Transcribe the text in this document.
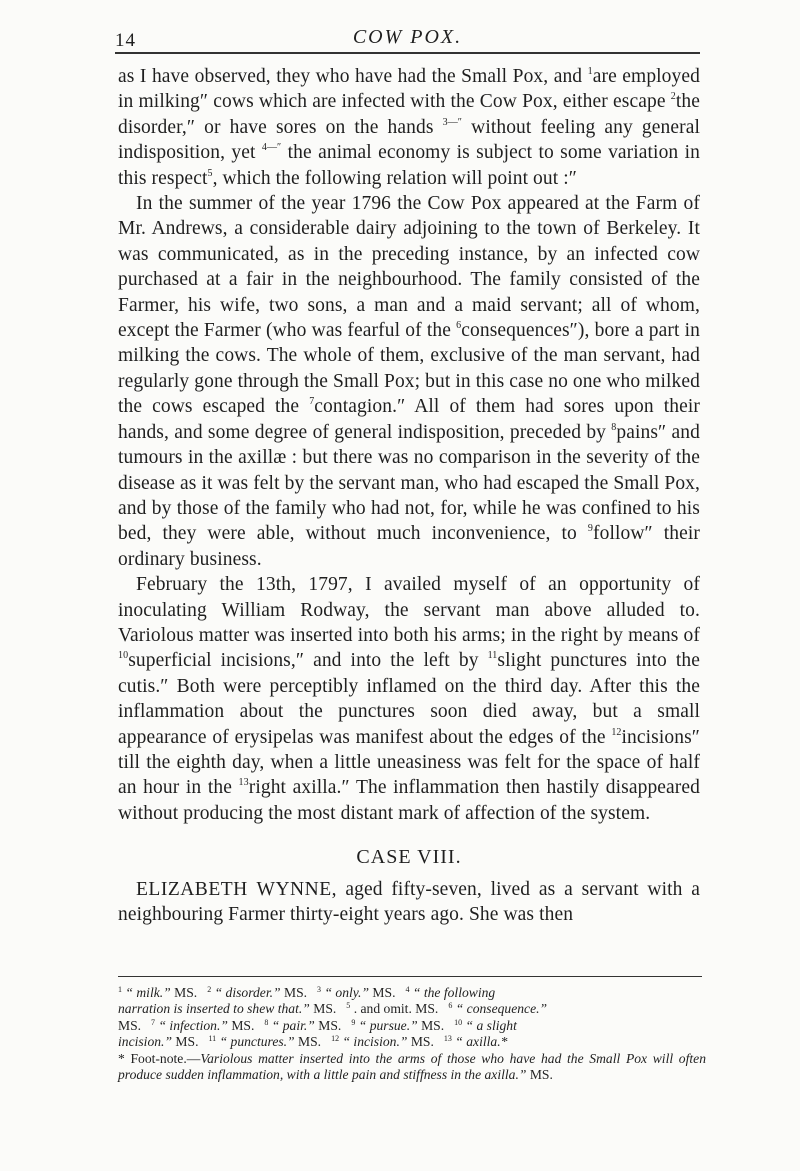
14	COW POX.

as I have observed, they who have had the Small Pox, and $^1$are employed in milking″ cows which are infected with the Cow Pox, either escape $^2$the disorder,″ or have sores on the hands $^{3—''}$ without feeling any general indisposition, yet $^{4—''}$ the animal economy is subject to some variation in this respect$^5$, which the following relation will point out :″

In the summer of the year 1796 the Cow Pox appeared at the Farm of Mr. Andrews, a considerable dairy adjoining to the town of Berkeley. It was communicated, as in the preceding instance, by an infected cow purchased at a fair in the neighbourhood. The family consisted of the Farmer, his wife, two sons, a man and a maid servant; all of whom, except the Farmer (who was fearful of the $^6$consequences″), bore a part in milking the cows. The whole of them, exclusive of the man servant, had regularly gone through the Small Pox; but in this case no one who milked the cows escaped the $^7$contagion.″ All of them had sores upon their hands, and some degree of general indisposition, preceded by $^8$pains″ and tumours in the axillæ : but there was no comparison in the severity of the disease as it was felt by the servant man, who had escaped the Small Pox, and by those of the family who had not, for, while he was confined to his bed, they were able, without much inconvenience, to $^9$follow″ their ordinary business.

February the 13th, 1797, I availed myself of an opportunity of inoculating William Rodway, the servant man above alluded to. Variolous matter was inserted into both his arms; in the right by means of $^{10}$superficial incisions,″ and into the left by $^{11}$slight punctures into the cutis.″ Both were perceptibly inflamed on the third day. After this the inflammation about the punctures soon died away, but a small appearance of erysipelas was manifest about the edges of the $^{12}$incisions″ till the eighth day, when a little uneasiness was felt for the space of half an hour in the $^{13}$right axilla.″ The inflammation then hastily disappeared without producing the most distant mark of affection of the system.

CASE VIII.

ELIZABETH WYNNE, aged fifty-seven, lived as a servant with a neighbouring Farmer thirty-eight years ago. She was then

$^1$ “ milk.” MS. $^2$ “ disorder.” MS. $^3$ “ only.” MS. $^4$ “ the following

narration is inserted to shew that.” MS. $^5$ . and omit. MS. $^6$ “ consequence.”

MS. $^7$ “ infection.” MS. $^8$ “ pair.” MS. $^9$ “ pursue.” MS. $^{10}$ “ a slight

incision.” MS. $^{11}$ “ punctures.” MS. $^{12}$ “ incision.” MS. $^{13}$ “ axilla.*

* Foot-note.—Variolous matter inserted into the arms of those who have had the Small Pox will often produce sudden inflammation, with a little pain and stiffness in the axilla.” MS.
